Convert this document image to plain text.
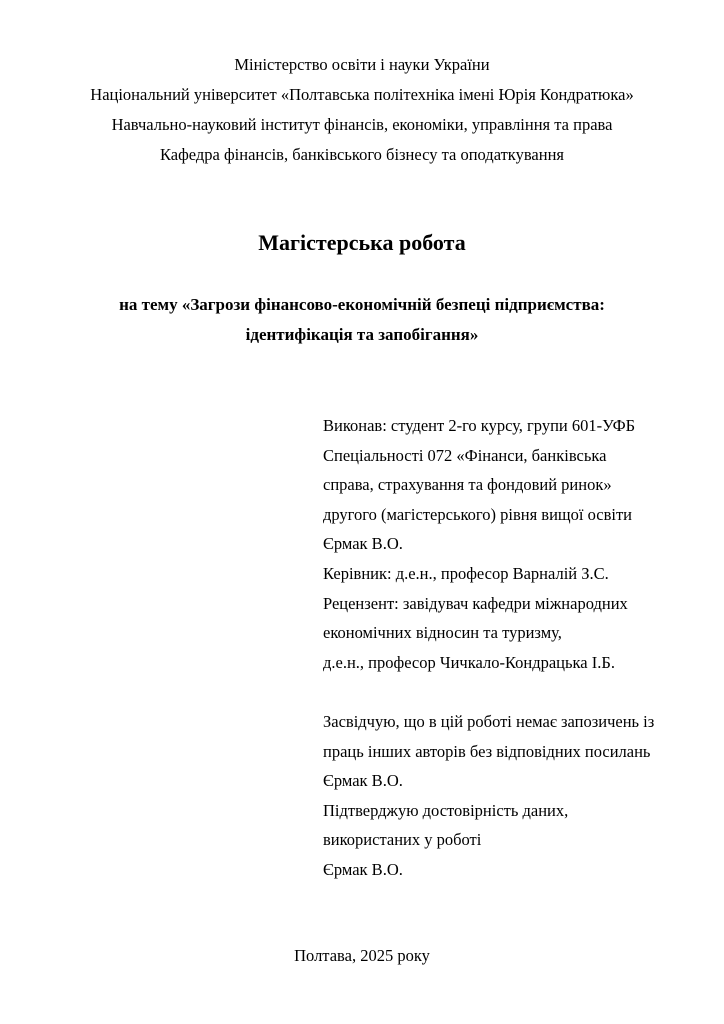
Міністерство освіти і науки України
Національний університет «Полтавська політехніка імені Юрія Кондратюка»
Навчально-науковий інститут фінансів, економіки, управління та права
Кафедра фінансів, банківського бізнесу та оподаткування
Магістерська робота
на тему «Загрози фінансово-економічній безпеці підприємства:
ідентифікація та запобігання»
Виконав: студент 2-го курсу, групи 601-УФБ
Спеціальності 072 «Фінанси, банківська
справа, страхування та фондовий ринок»
другого (магістерського) рівня вищої освіти
Єрмак В.О.
Керівник: д.е.н., професор Варналій З.С.
Рецензент: завідувач кафедри міжнародних
економічних відносин та туризму,
д.е.н., професор Чичкало-Кондрацька І.Б.
Засвідчую, що в цій роботі немає запозичень із
праць інших авторів без відповідних посилань
Єрмак В.О.
Підтверджую достовірність даних,
використаних у роботі
Єрмак В.О.
Полтава, 2025 року
